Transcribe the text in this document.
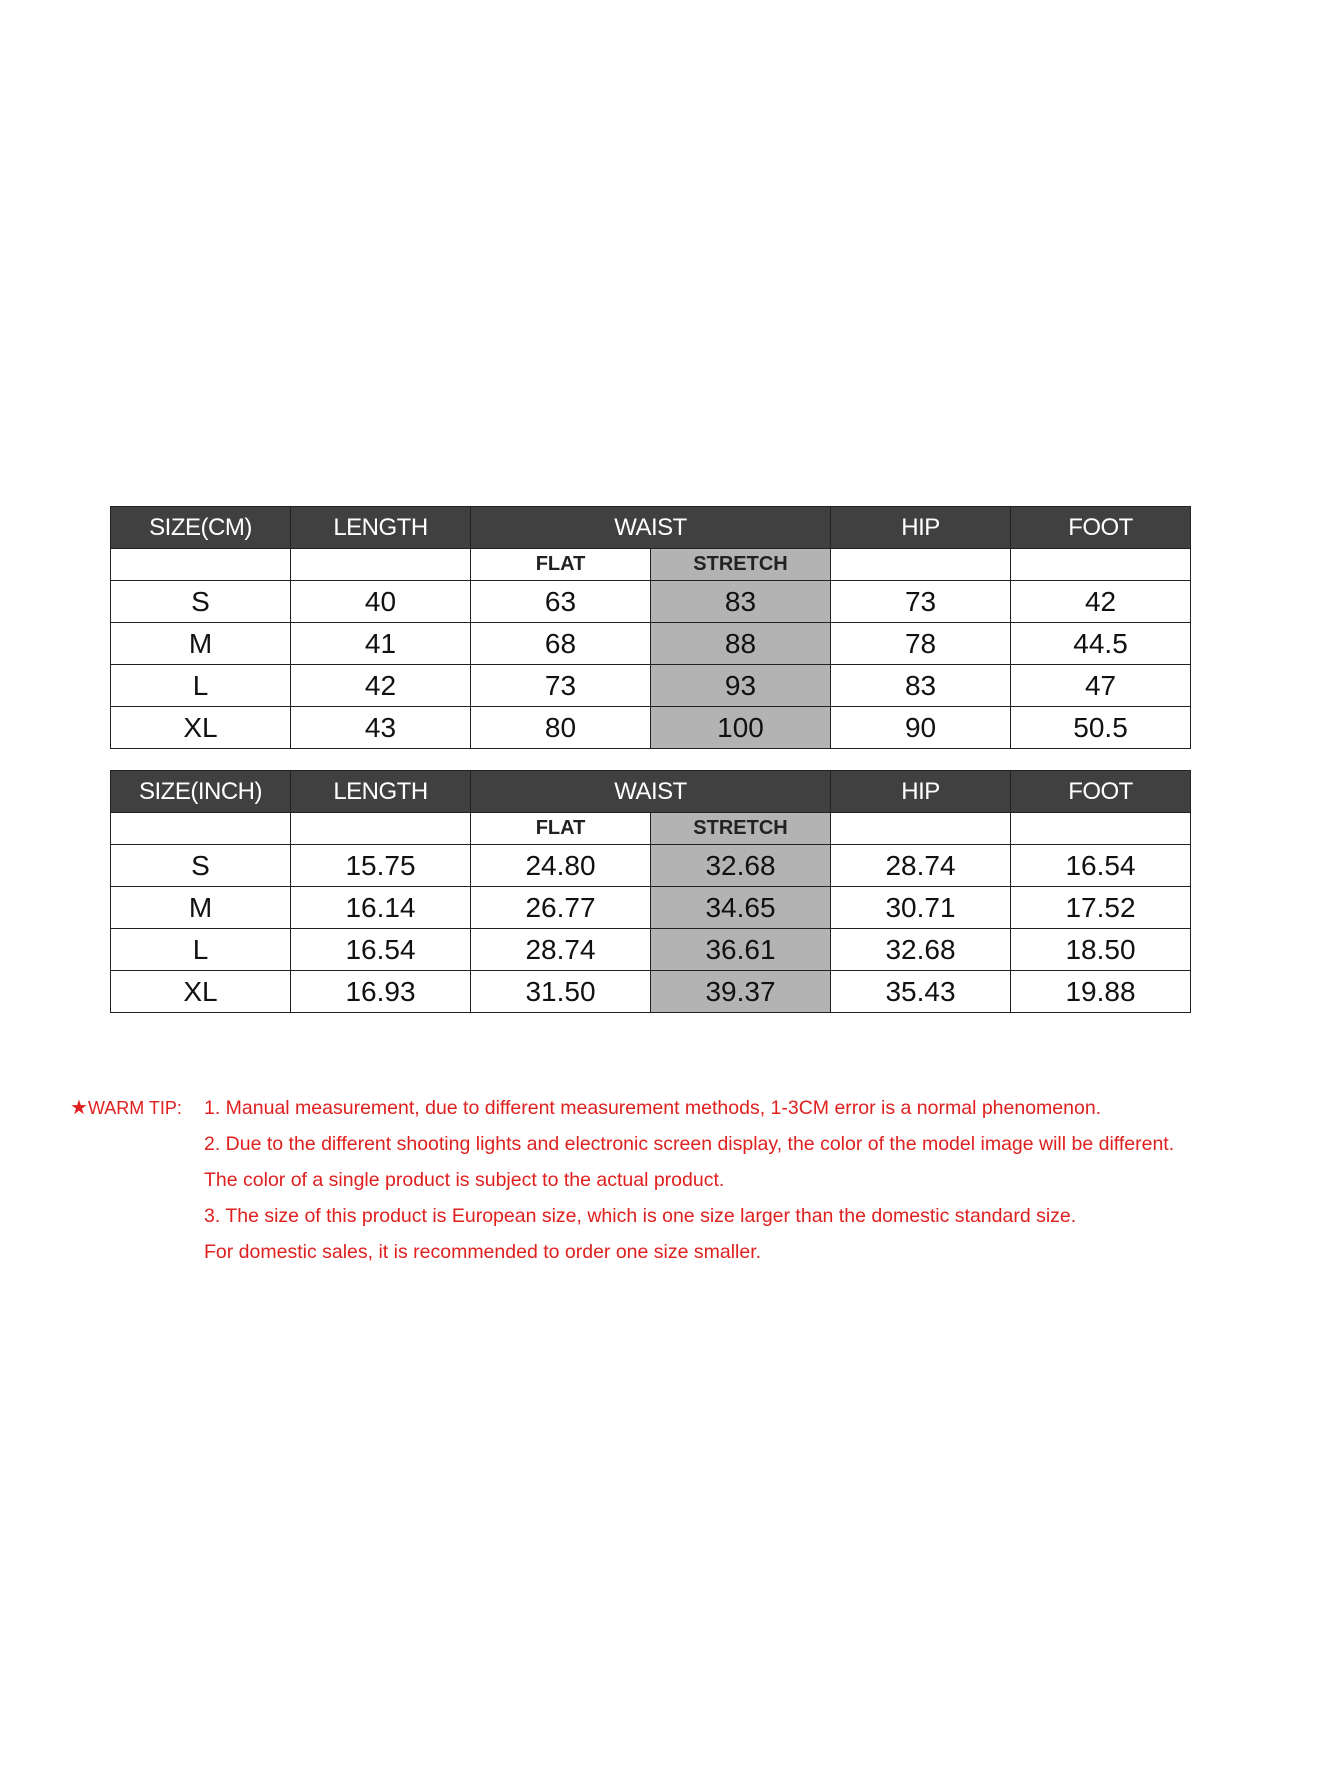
SIZE(CM)	LENGTH	WAIST		HIP	FOOT
		FLAT	STRETCH		
S	40	63	83	73	42
M	41	68	88	78	44.5
L	42	73	93	83	47
XL	43	80	100	90	50.5
SIZE(INCH)	LENGTH	WAIST		HIP	FOOT
		FLAT	STRETCH		
S	15.75	24.80	32.68	28.74	16.54
M	16.14	26.77	34.65	30.71	17.52
L	16.54	28.74	36.61	32.68	18.50
XL	16.93	31.50	39.37	35.43	19.88
★WARM TIP: 1. Manual measurement, due to different measurement methods, 1-3CM error is a normal phenomenon.
2. Due to the different shooting lights and electronic screen display, the color of the model image will be different.
The color of a single product is subject to the actual product.
3. The size of this product is European size, which is one size larger than the domestic standard size.
For domestic sales, it is recommended to order one size smaller.
